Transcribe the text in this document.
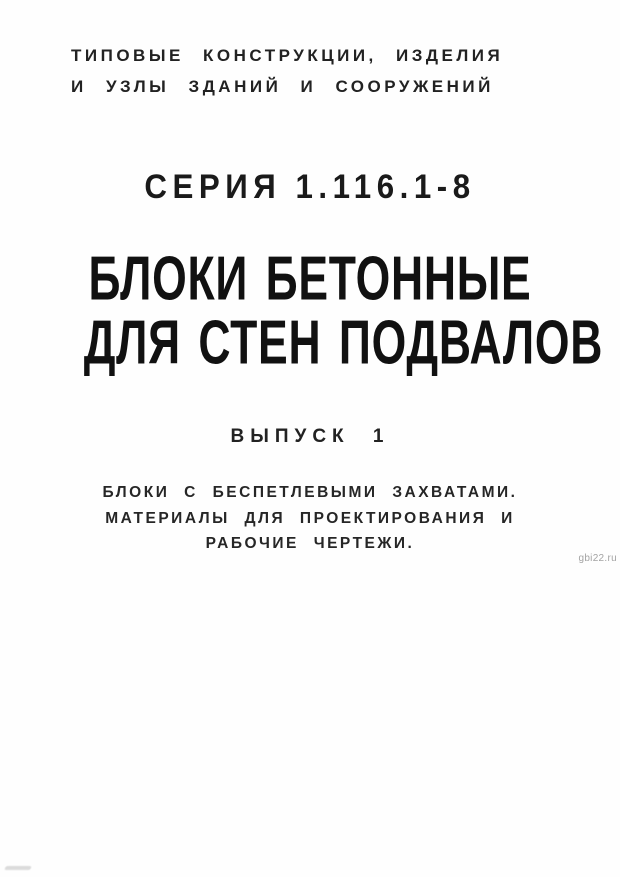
ТИПОВЫЕ КОНСТРУКЦИИ, ИЗДЕЛИЯ
И УЗЛЫ ЗДАНИЙ И СООРУЖЕНИЙ
СЕРИЯ 1.116.1-8
БЛОКИ БЕТОННЫЕ
ДЛЯ СТЕН ПОДВАЛОВ
ВЫПУСК 1
БЛОКИ С БЕСПЕТЛЕВЫМИ ЗАХВАТАМИ.
МАТЕРИАЛЫ ДЛЯ ПРОЕКТИРОВАНИЯ И
РАБОЧИЕ ЧЕРТЕЖИ.
gbi22.ru
